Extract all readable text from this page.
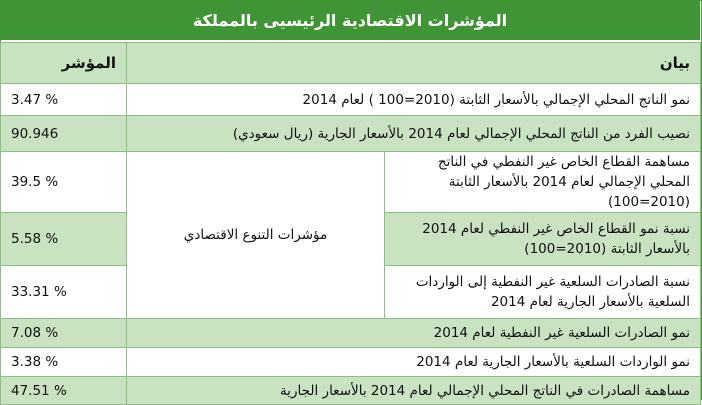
المؤشرات الاقتصادية الرئيسيى بالمملكة
بيان		المؤشر
نمو الناتج المحلي الإجمالي بالأسعار الثابتة (2010=100 ) لعام 2014		3.47 %
نصيب الفرد من الناتج المحلي الإجمالي لعام 2014 بالأسعار الجارية (ريال سعودي)		90.946
مساهمة القطاع الخاص غير النفطي في الناتج المحلي الإجمالي لعام 2014 بالأسعار الثابتة (2010=100)	مؤشرات التنوع الاقتصادي	39.5 %
نسبة نمو القطاع الخاص غير النفطي لعام 2014 بالأسعار الثابتة (2010=100)		5.58 %
نسبة الصادرات السلعية غير النفطية إلى الواردات السلعية بالأسعار الجارية لعام 2014		33.31 %
نمو الصادرات السلعية غير النفطية لعام 2014		7.08 %
نمو الواردات السلعية بالأسعار الجارية لعام 2014		3.38 %
مساهمة الصادرات في الناتج المحلي الإجمالي لعام 2014 بالأسعار الجارية		47.51 %
